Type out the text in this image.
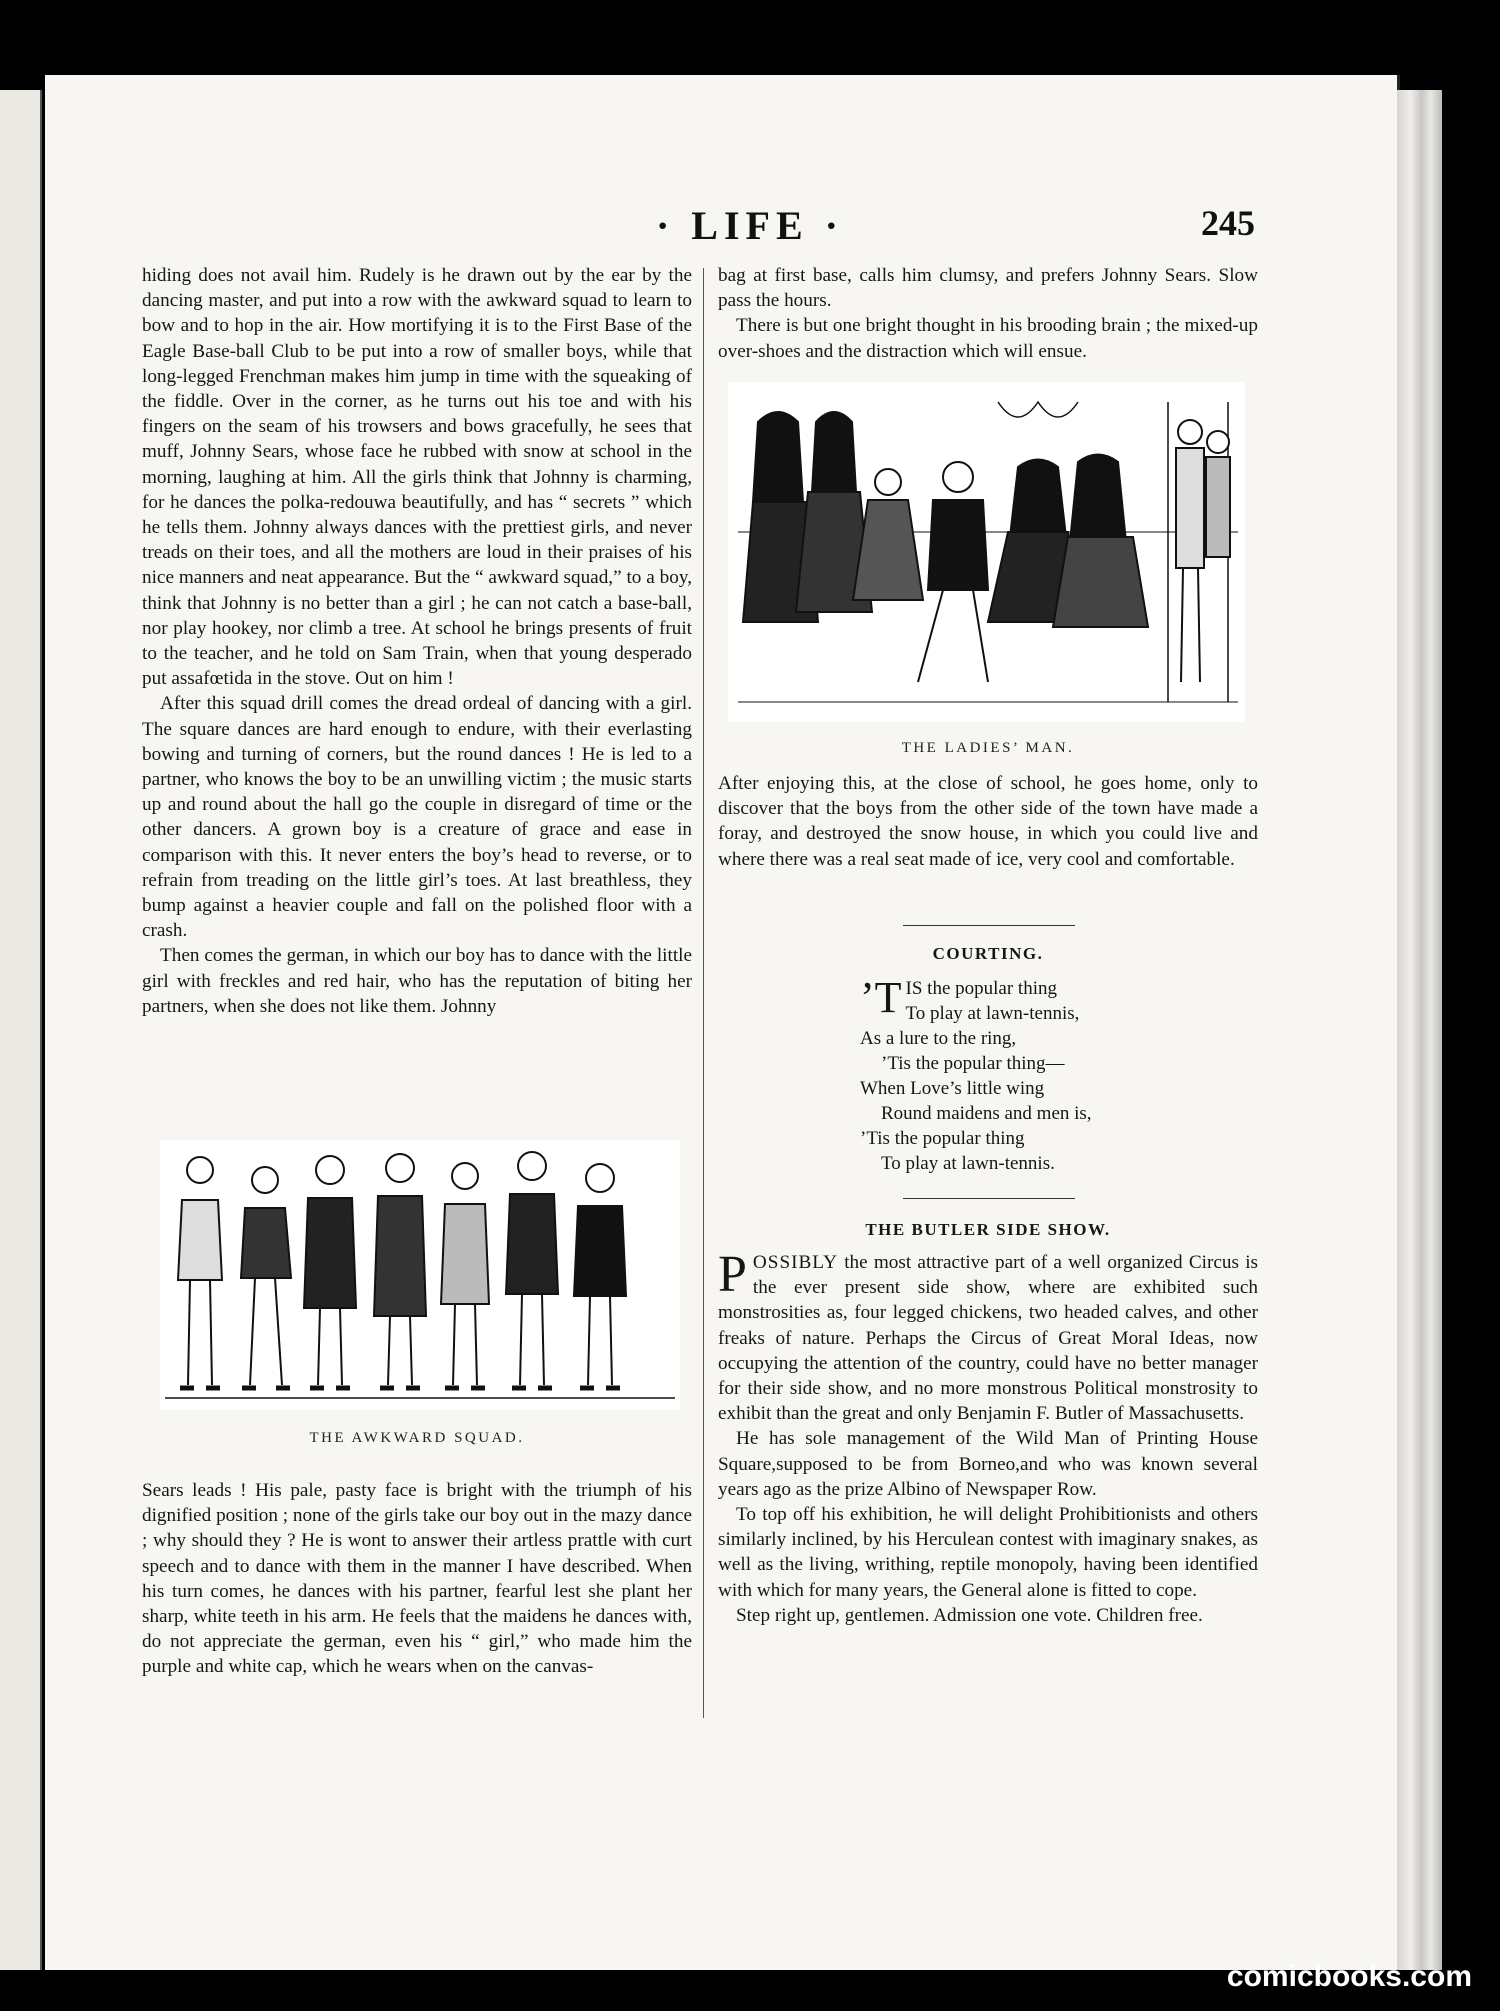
· LIFE ·	245

hiding does not avail him. Rudely is he drawn out by the ear by the dancing master, and put into a row with the awkward squad to learn to bow and to hop in the air. How mortifying it is to the First Base of the Eagle Base-ball Club to be put into a row of smaller boys, while that long-legged Frenchman makes him jump in time with the squeaking of the fiddle. Over in the corner, as he turns out his toe and with his fingers on the seam of his trowsers and bows gracefully, he sees that muff, Johnny Sears, whose face he rubbed with snow at school in the morning, laughing at him. All the girls think that Johnny is charming, for he dances the polka-redouwa beautifully, and has “ secrets ” which he tells them. Johnny always dances with the prettiest girls, and never treads on their toes, and all the mothers are loud in their praises of his nice manners and neat appearance. But the “ awkward squad,” to a boy, think that Johnny is no better than a girl ; he can not catch a base-ball, nor play hookey, nor climb a tree. At school he brings presents of fruit to the teacher, and he told on Sam Train, when that young desperado put assafœtida in the stove. Out on him !

After this squad drill comes the dread ordeal of dancing with a girl. The square dances are hard enough to endure, with their everlasting bowing and turning of corners, but the round dances ! He is led to a partner, who knows the boy to be an unwilling victim ; the music starts up and round about the hall go the couple in disregard of time or the other dancers. A grown boy is a creature of grace and ease in comparison with this. It never enters the boy’s head to reverse, or to refrain from treading on the little girl’s toes. At last breathless, they bump against a heavier couple and fall on the polished floor with a crash.

Then comes the german, in which our boy has to dance with the little girl with freckles and red hair, who has the reputation of biting her partners, when she does not like them. Johnny

THE AWKWARD SQUAD.

Sears leads ! His pale, pasty face is bright with the triumph of his dignified position ; none of the girls take our boy out in the mazy dance ; why should they ? He is wont to answer their artless prattle with curt speech and to dance with them in the manner I have described. When his turn comes, he dances with his partner, fearful lest she plant her sharp, white teeth in his arm. He feels that the maidens he dances with, do not appreciate the german, even his “ girl,” who made him the purple and white cap, which he wears when on the canvas-

bag at first base, calls him clumsy, and prefers Johnny Sears. Slow pass the hours.

There is but one bright thought in his brooding brain ; the mixed-up over-shoes and the distraction which will ensue.

THE LADIES’ MAN.

After enjoying this, at the close of school, he goes home, only to discover that the boys from the other side of the town have made a foray, and destroyed the snow house, in which you could live and where there was a real seat made of ice, very cool and comfortable.

COURTING.
’T IS the popular thing
To play at lawn-tennis,
As a lure to the ring,
’Tis the popular thing—
When Love’s little wing
Round maidens and men is,
’Tis the popular thing
To play at lawn-tennis.
THE BUTLER SIDE SHOW.

POSSIBLY the most attractive part of a well organized Circus is the ever present side show, where are exhibited such monstrosities as, four legged chickens, two headed calves, and other freaks of nature. Perhaps the Circus of Great Moral Ideas, now occupying the attention of the country, could have no better manager for their side show, and no more monstrous Political monstrosity to exhibit than the great and only Benjamin F. Butler of Massachusetts.

He has sole management of the Wild Man of Printing House Square,supposed to be from Borneo,and who was known several years ago as the prize Albino of Newspaper Row.

To top off his exhibition, he will delight Prohibitionists and others similarly inclined, by his Herculean contest with imaginary snakes, as well as the living, writhing, reptile monopoly, having been identified with which for many years, the General alone is fitted to cope.

Step right up, gentlemen. Admission one vote. Children free.

comicbooks.com
